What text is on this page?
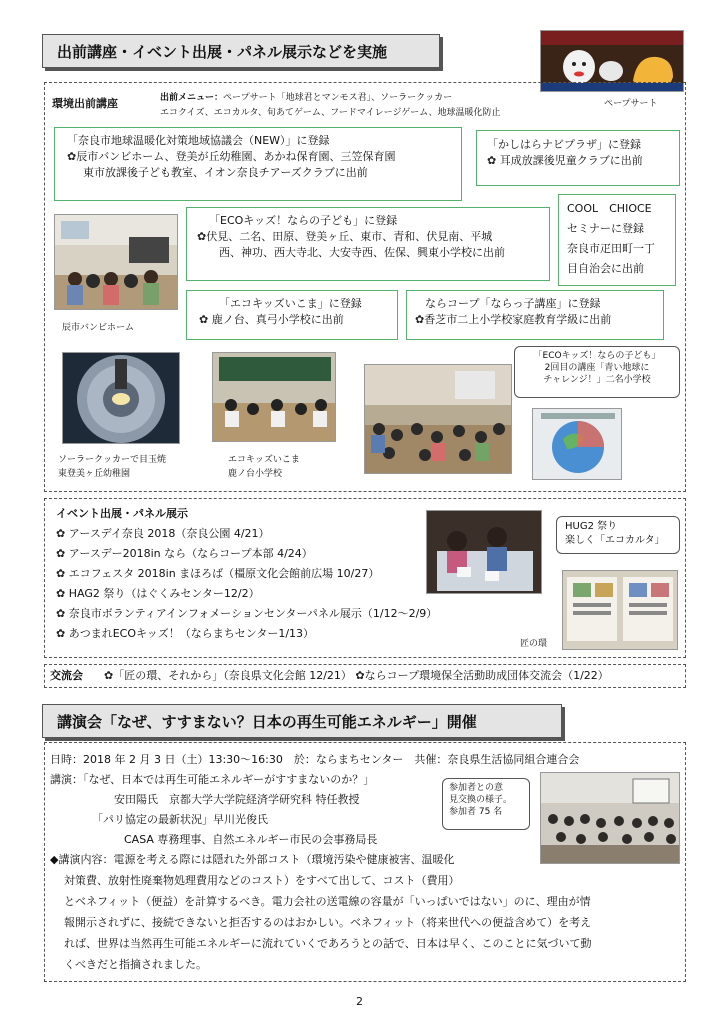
出前講座・イベント出展・パネル展示などを実施
ペープサート
環境出前講座	出前メニュー：ペープサート「地球君とマンモス君」、ソーラークッカー
エコクイズ、エコカルタ、旬あてゲーム、フードマイレージゲーム、地球温暖化防止
「奈良市地球温暖化対策地域協議会（NEW）」に登録
✿辰市バンビホーム、登美が丘幼稚園、あかね保育園、三笠保育園
東市放課後子ども教室、イオン奈良チアーズクラブに出前
「かしはらナビプラザ」に登録
✿ 耳成放課後児童クラブに出前
辰市バンビホーム
「ECOキッズ！ならの子ども」に登録
✿伏見、二名、田原、登美ヶ丘、東市、青和、伏見南、平城
西、神功、西大寺北、大安寺西、佐保、興東小学校に出前
COOL　CHIOCE
セミナーに登録
奈良市疋田町一丁
目自治会に出前
「エコキッズいこま」に登録
✿ 鹿ノ台、真弓小学校に出前
ならコープ「ならっ子講座」に登録
✿香芝市二上小学校家庭教育学級に出前
ソーラークッカーで目玉焼
東登美ヶ丘幼稚園
エコキッズいこま
鹿ノ台小学校
「ECOキッズ！ならの子ども」
2回目の講座「青い地球に
チャレンジ！」二名小学校
イベント出展・パネル展示
✿ アースデイ奈良 2018（奈良公園 4/21）
✿ アースデー2018in なら（ならコープ本部 4/24）
✿ エコフェスタ 2018in まほろば（橿原文化会館前広場 10/27）
✿ HAG2 祭り（はぐくみセンター12/2）
✿ 奈良市ボランティアインフォメーションセンターパネル展示（1/12〜2/9）
✿ あつまれECOキッズ！（ならまちセンター1/13）
HUG2 祭り
楽しく「エコカルタ」
匠の環
交流会 ✿「匠の環、それから」（奈良県文化会館 12/21） ✿ならコープ環境保全活動助成団体交流会（1/22）
講演会「なぜ、すすまない？日本の再生可能エネルギー」開催
日時：2018 年 2 月 3 日（土）13:30〜16:30　於：ならまちセンター　共催：奈良県生活協同組合連合会
講演：「なぜ、日本では再生可能エネルギーがすすまないのか？」
安田陽氏　京都大学大学院経済学研究科 特任教授
「パリ協定の最新状況」早川光俊氏
CASA 専務理事、自然エネルギー市民の会事務局長
参加者との意
見交換の様子。
参加者 75 名
◆講演内容：電源を考える際には隠れた外部コスト（環境汚染や健康被害、温暖化
対策費、放射性廃棄物処理費用などのコスト）をすべて出して、コスト（費用）
とベネフィット（便益）を計算するべき。電力会社の送電線の容量が「いっぱいではない」のに、理由が情
報開示されずに、接続できないと拒否するのはおかしい。ベネフィット（将来世代への便益含めて）を考え
れば、世界は当然再生可能エネルギーに流れていくであろうとの話で、日本は早く、このことに気づいて動
くべきだと指摘されました。
2
